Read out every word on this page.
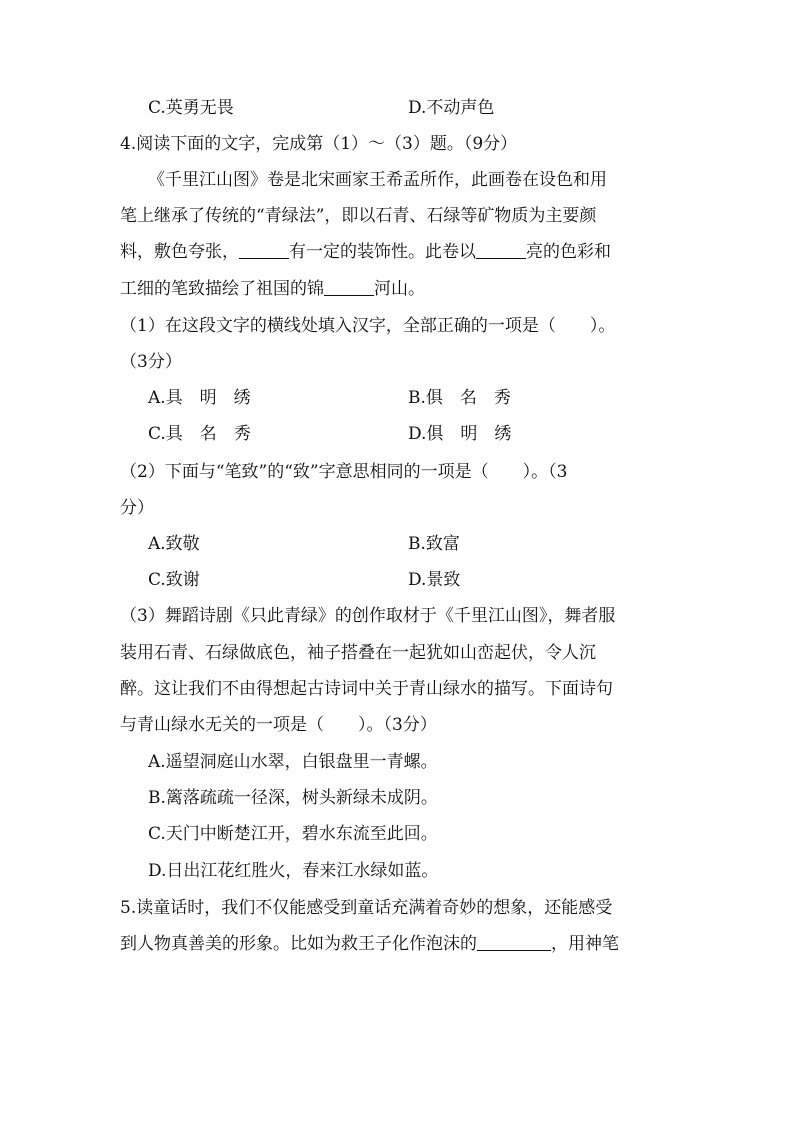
C.英勇无畏	D.不动声色
4.阅读下面的文字，完成第（1）～（3）题。（9分）
《千里江山图》卷是北宋画家王希孟所作，此画卷在设色和用
笔上继承了传统的“青绿法”，即以石青、石绿等矿物质为主要颜
料，敷色夸张，	有一定的装饰性。此卷以	亮的色彩和
工细的笔致描绘了祖国的锦	河山。
（1）在这段文字的横线处填入汉字，全部正确的一项是（　　）。
（3分）
A.具　明　绣	B.俱　名　秀
C.具　名　秀	D.俱　明　绣
（2）下面与“笔致”的“致”字意思相同的一项是（　　）。（3
分）
A.致敬	B.致富
C.致谢	D.景致
（3）舞蹈诗剧《只此青绿》的创作取材于《千里江山图》，舞者服
装用石青、石绿做底色，袖子搭叠在一起犹如山峦起伏，令人沉
醉。这让我们不由得想起古诗词中关于青山绿水的描写。下面诗句
与青山绿水无关的一项是（　　）。（3分）
A.遥望洞庭山水翠，白银盘里一青螺。
B.篱落疏疏一径深，树头新绿未成阴。
C.天门中断楚江开，碧水东流至此回。
D.日出江花红胜火，春来江水绿如蓝。
5.读童话时，我们不仅能感受到童话充满着奇妙的想象，还能感受
到人物真善美的形象。比如为救王子化作泡沫的	，用神笔
